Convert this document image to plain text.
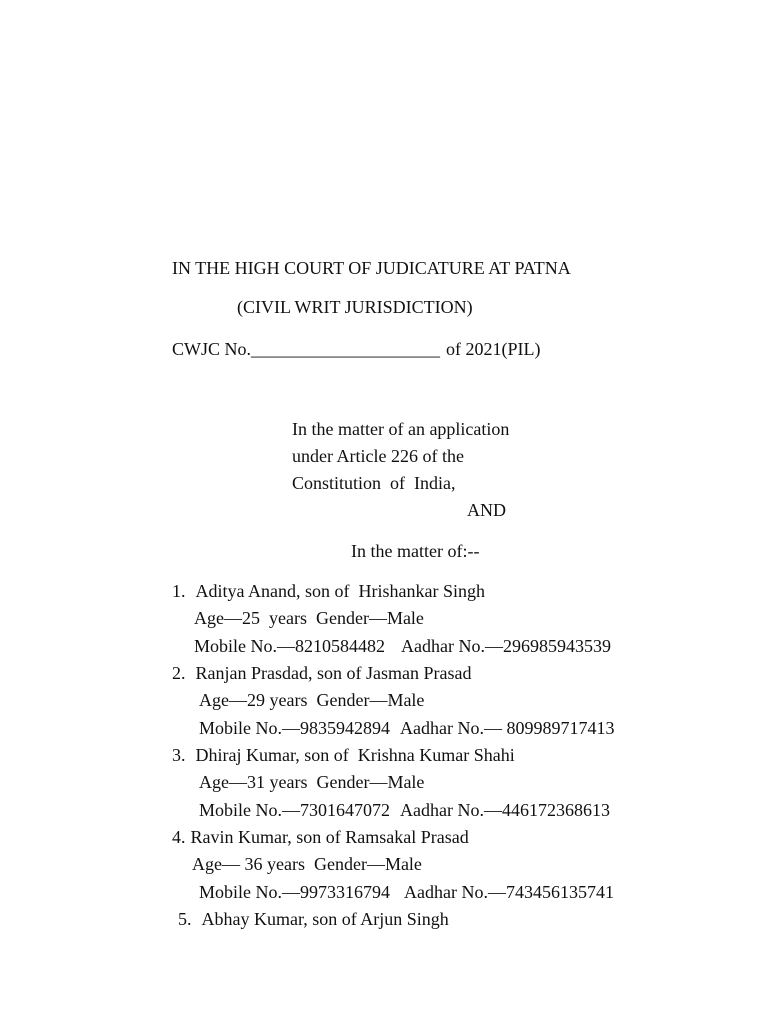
IN THE HIGH COURT OF JUDICATURE AT PATNA
(CIVIL WRIT JURISDICTION)
CWJC No._____________________ of 2021(PIL)
In the matter of an application
under Article 226 of the
Constitution  of  India,
AND
In the matter of:--
1. Aditya Anand, son of  Hrishankar Singh
Age—25  years  Gender—Male
Mobile No.—8210584482 Aadhar No.—296985943539
2. Ranjan Prasdad, son of Jasman Prasad
Age—29 years  Gender—Male
Mobile No.—9835942894 Aadhar No.— 809989717413
3. Dhiraj Kumar, son of  Krishna Kumar Shahi
Age—31 years  Gender—Male
Mobile No.—7301647072 Aadhar No.—446172368613
4. Ravin Kumar, son of Ramsakal Prasad
Age— 36 years  Gender—Male
Mobile No.—9973316794 Aadhar No.—743456135741
5. Abhay Kumar, son of Arjun Singh
